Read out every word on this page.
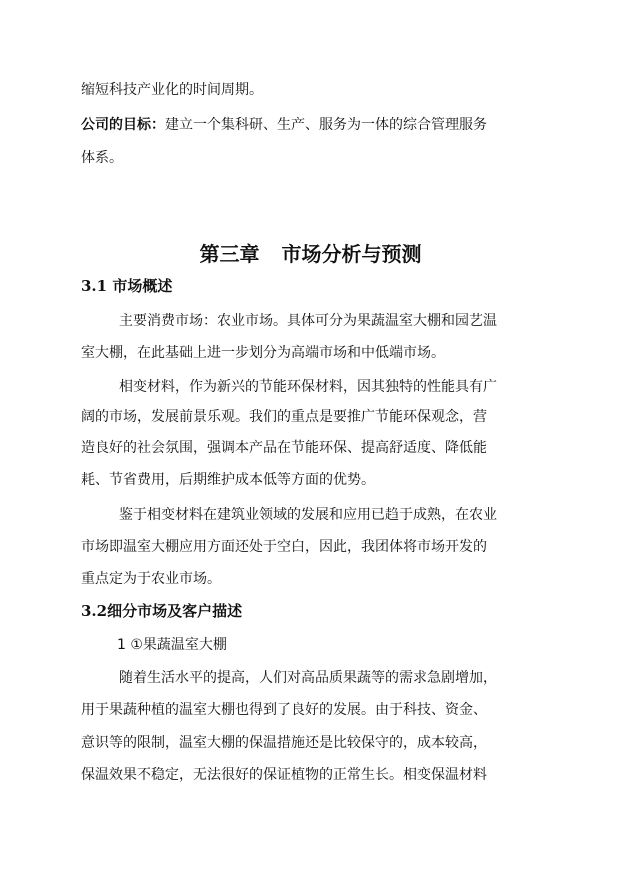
缩短科技产业化的时间周期。
公司的目标：建立一个集科研、生产、服务为一体的综合管理服务
体系。
第三章 市场分析与预测
3.1 市场概述
主要消费市场：农业市场。具体可分为果蔬温室大棚和园艺温
室大棚，在此基础上进一步划分为高端市场和中低端市场。
相变材料，作为新兴的节能环保材料，因其独特的性能具有广
阔的市场，发展前景乐观。我们的重点是要推广节能环保观念，营
造良好的社会氛围，强调本产品在节能环保、提高舒适度、降低能
耗、节省费用，后期维护成本低等方面的优势。
鉴于相变材料在建筑业领域的发展和应用已趋于成熟，在农业
市场即温室大棚应用方面还处于空白，因此，我团体将市场开发的
重点定为于农业市场。
3.2细分市场及客户描述
1 ①果蔬温室大棚
随着生活水平的提高，人们对高品质果蔬等的需求急剧增加，
用于果蔬种植的温室大棚也得到了良好的发展。由于科技、资金、
意识等的限制，温室大棚的保温措施还是比较保守的，成本较高，
保温效果不稳定，无法很好的保证植物的正常生长。相变保温材料
